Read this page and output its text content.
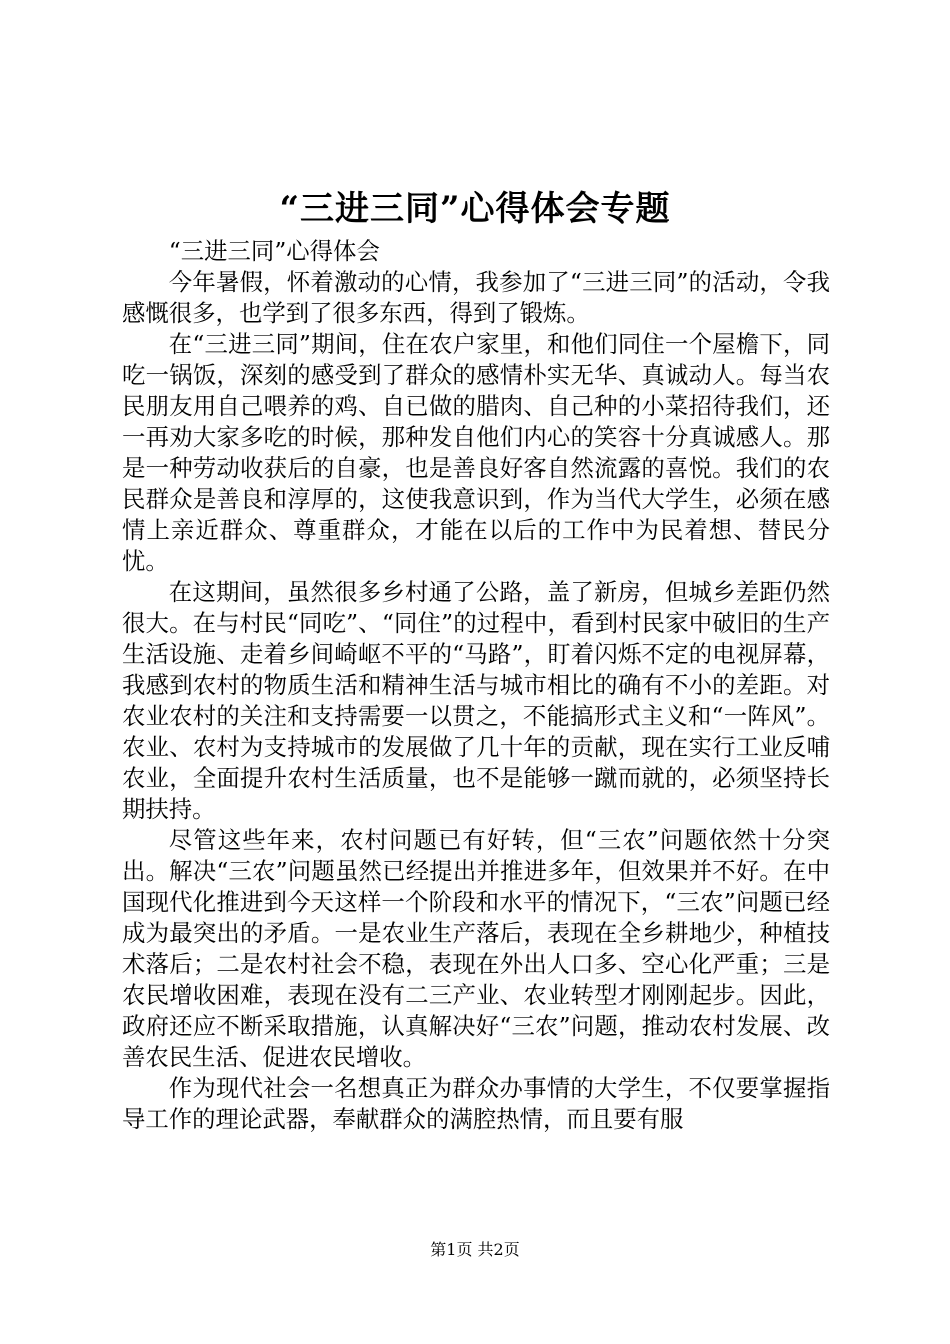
“三进三同”心得体会专题

“三进三同”心得体会

今年暑假，怀着激动的心情，我参加了“三进三同”的活动，令我感慨很多，也学到了很多东西，得到了锻炼。

在“三进三同”期间，住在农户家里，和他们同住一个屋檐下，同吃一锅饭，深刻的感受到了群众的感情朴实无华、真诚动人。每当农民朋友用自己喂养的鸡、自已做的腊肉、自己种的小菜招待我们，还一再劝大家多吃的时候，那种发自他们内心的笑容十分真诚感人。那是一种劳动收获后的自豪，也是善良好客自然流露的喜悦。我们的农民群众是善良和淳厚的，这使我意识到，作为当代大学生，必须在感情上亲近群众、尊重群众，才能在以后的工作中为民着想、替民分忧。

在这期间，虽然很多乡村通了公路，盖了新房，但城乡差距仍然很大。在与村民“同吃”、“同住”的过程中，看到村民家中破旧的生产生活设施、走着乡间崎岖不平的“马路”，盯着闪烁不定的电视屏幕，我感到农村的物质生活和精神生活与城市相比的确有不小的差距。对农业农村的关注和支持需要一以贯之，不能搞形式主义和“一阵风”。农业、农村为支持城市的发展做了几十年的贡献，现在实行工业反哺农业，全面提升农村生活质量，也不是能够一蹴而就的，必须坚持长期扶持。

尽管这些年来，农村问题已有好转，但“三农”问题依然十分突出。解决“三农”问题虽然已经提出并推进多年，但效果并不好。在中国现代化推进到今天这样一个阶段和水平的情况下，“三农”问题已经成为最突出的矛盾。一是农业生产落后，表现在全乡耕地少，种植技术落后；二是农村社会不稳，表现在外出人口多、空心化严重；三是农民增收困难，表现在没有二三产业、农业转型才刚刚起步。因此，政府还应不断采取措施，认真解决好“三农”问题，推动农村发展、改善农民生活、促进农民增收。

作为现代社会一名想真正为群众办事情的大学生，不仅要掌握指导工作的理论武器，奉献群众的满腔热情，而且要有服

第1页 共2页
